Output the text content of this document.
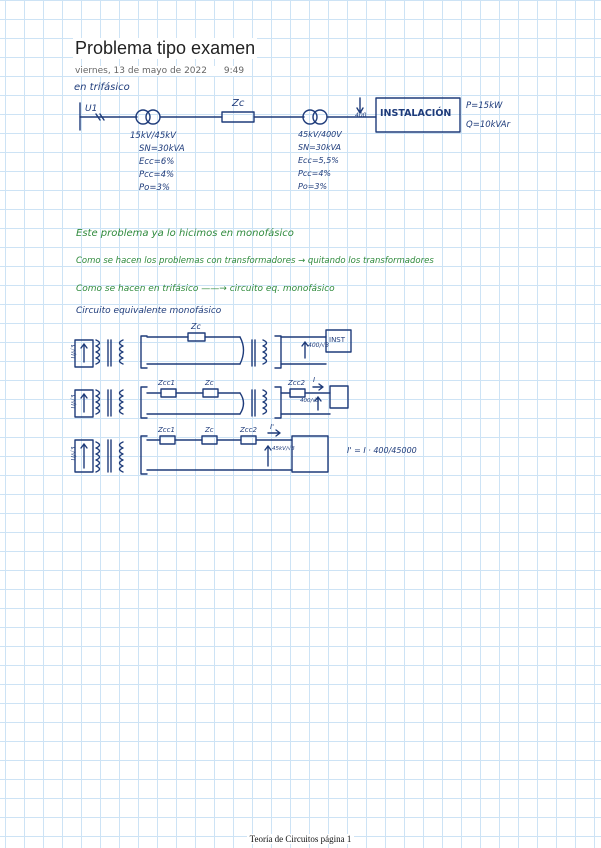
Problema tipo examen
viernes, 13 de mayo de 2022 9:49
en trifásico
U1	Zc
15kV/45kV
SN=30kVA
Ecc=6%
Pcc=4%
Po=3%
45kV/400V
SN=30kVA
Ecc=5,5%
Pcc=4%
Po=3%
400 INSTALACIÓN
P=15kW
Q=10kVAr
Este problema ya lo hicimos en monofásico
Como se hacen los problemas con transformadores → quitando los transformadores
Como se hacen en trifásico ——→ circuito eq. monofásico
Circuito equivalente monofásico
U/√3
Zc
400/√3
INST
U/√3
Zcc1	Zc	Zcc2 I
400/√3
U/√3
Zcc1	Zc	Zcc2 I'
45kV/√3	I' = I · 400/45000
Teoría de Circuitos página 1
